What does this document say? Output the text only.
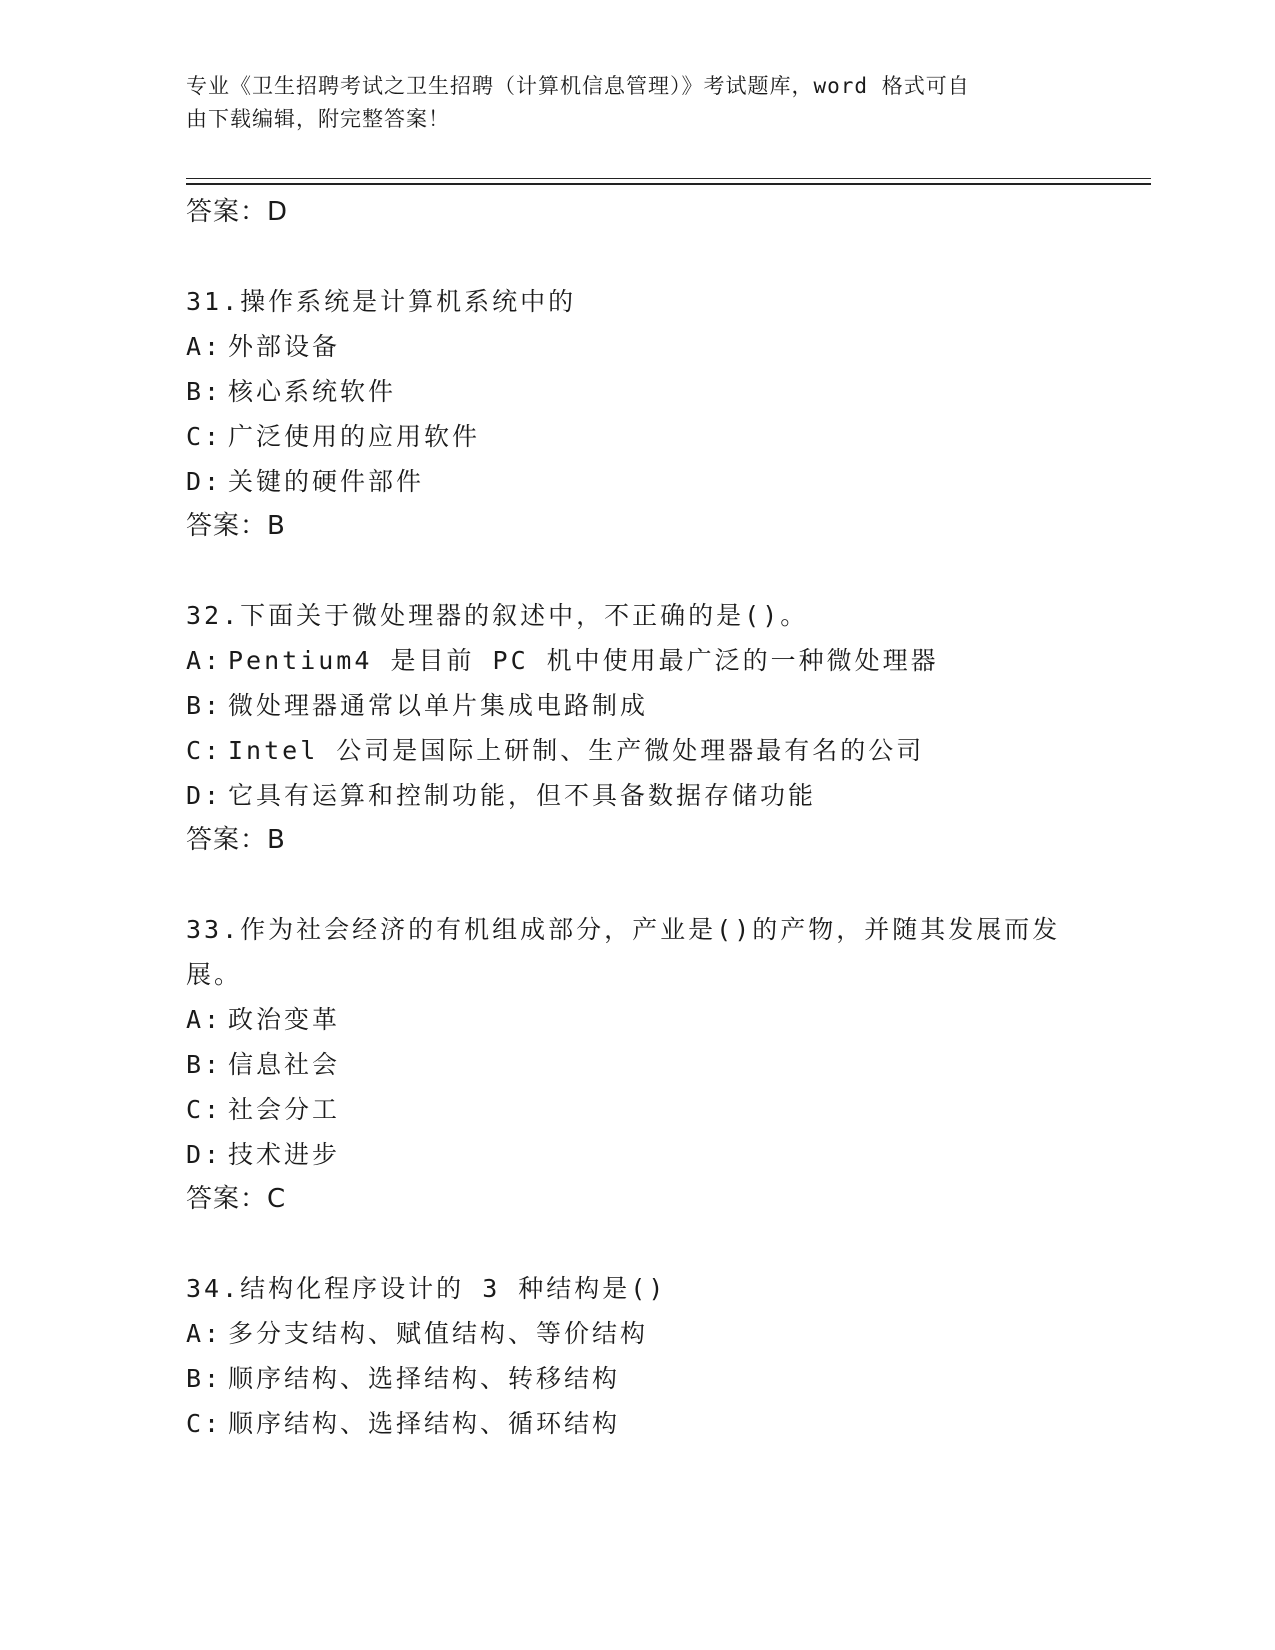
专业《卫生招聘考试之卫生招聘（计算机信息管理）》考试题库，word 格式可自
由下载编辑，附完整答案！
答案：D
31.操作系统是计算机系统中的
A: 外部设备
B: 核心系统软件
C: 广泛使用的应用软件
D: 关键的硬件部件
答案：B
32.下面关于微处理器的叙述中，不正确的是()。
A: Pentium4 是目前 PC 机中使用最广泛的一种微处理器
B: 微处理器通常以单片集成电路制成
C: Intel 公司是国际上研制、生产微处理器最有名的公司
D: 它具有运算和控制功能，但不具备数据存储功能
答案：B
33.作为社会经济的有机组成部分，产业是()的产物，并随其发展而发展。
A: 政治变革
B: 信息社会
C: 社会分工
D: 技术进步
答案：C
34.结构化程序设计的 3 种结构是()
A: 多分支结构、赋值结构、等价结构
B: 顺序结构、选择结构、转移结构
C: 顺序结构、选择结构、循环结构
